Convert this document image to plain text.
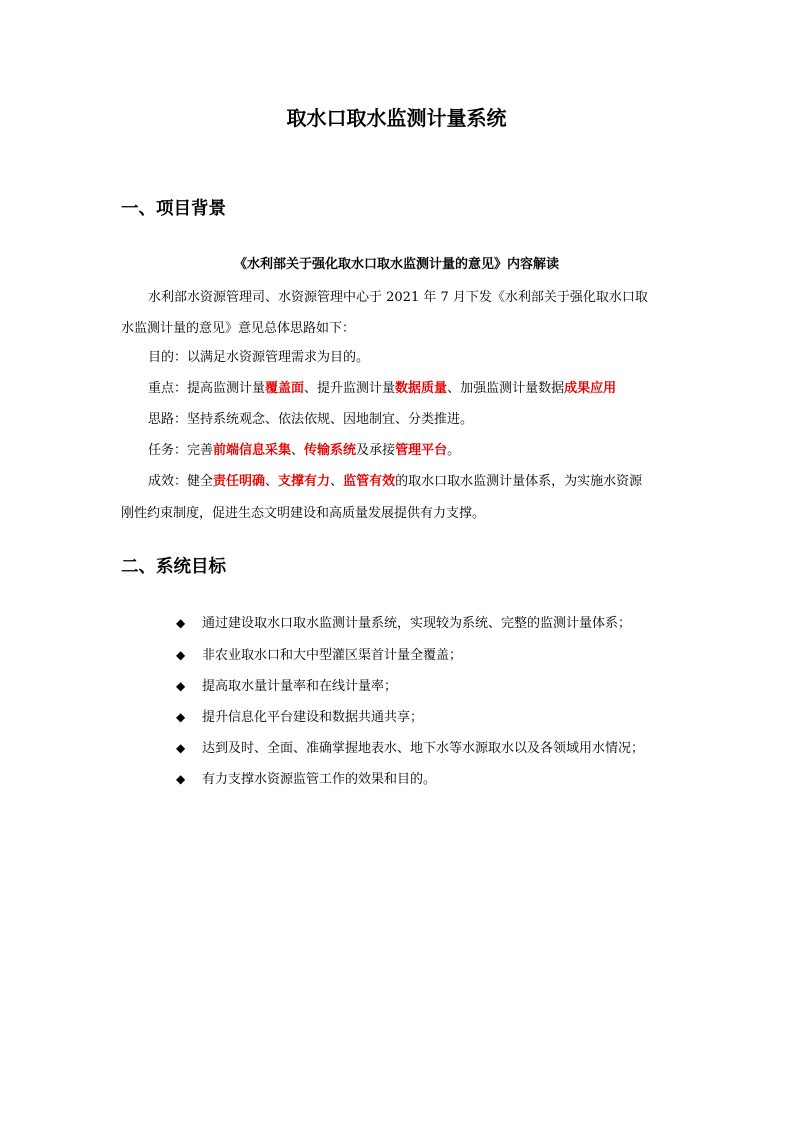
取水口取水监测计量系统
一、项目背景
《水利部关于强化取水口取水监测计量的意见》内容解读
水利部水资源管理司、水资源管理中心于 2021 年 7 月下发《水利部关于强化取水口取
水监测计量的意见》意见总体思路如下：
目的：以满足水资源管理需求为目的。
重点：提高监测计量覆盖面、提升监测计量数据质量、加强监测计量数据成果应用
思路：坚持系统观念、依法依规、因地制宜、分类推进。
任务：完善前端信息采集、传输系统及承接管理平台。
成效：健全责任明确、支撑有力、监管有效的取水口取水监测计量体系，为实施水资源
刚性约束制度，促进生态文明建设和高质量发展提供有力支撑。
二、系统目标
◆ 通过建设取水口取水监测计量系统，实现较为系统、完整的监测计量体系；
◆ 非农业取水口和大中型灌区渠首计量全覆盖；
◆ 提高取水量计量率和在线计量率；
◆ 提升信息化平台建设和数据共通共享；
◆ 达到及时、全面、准确掌握地表水、地下水等水源取水以及各领域用水情况；
◆ 有力支撑水资源监管工作的效果和目的。
